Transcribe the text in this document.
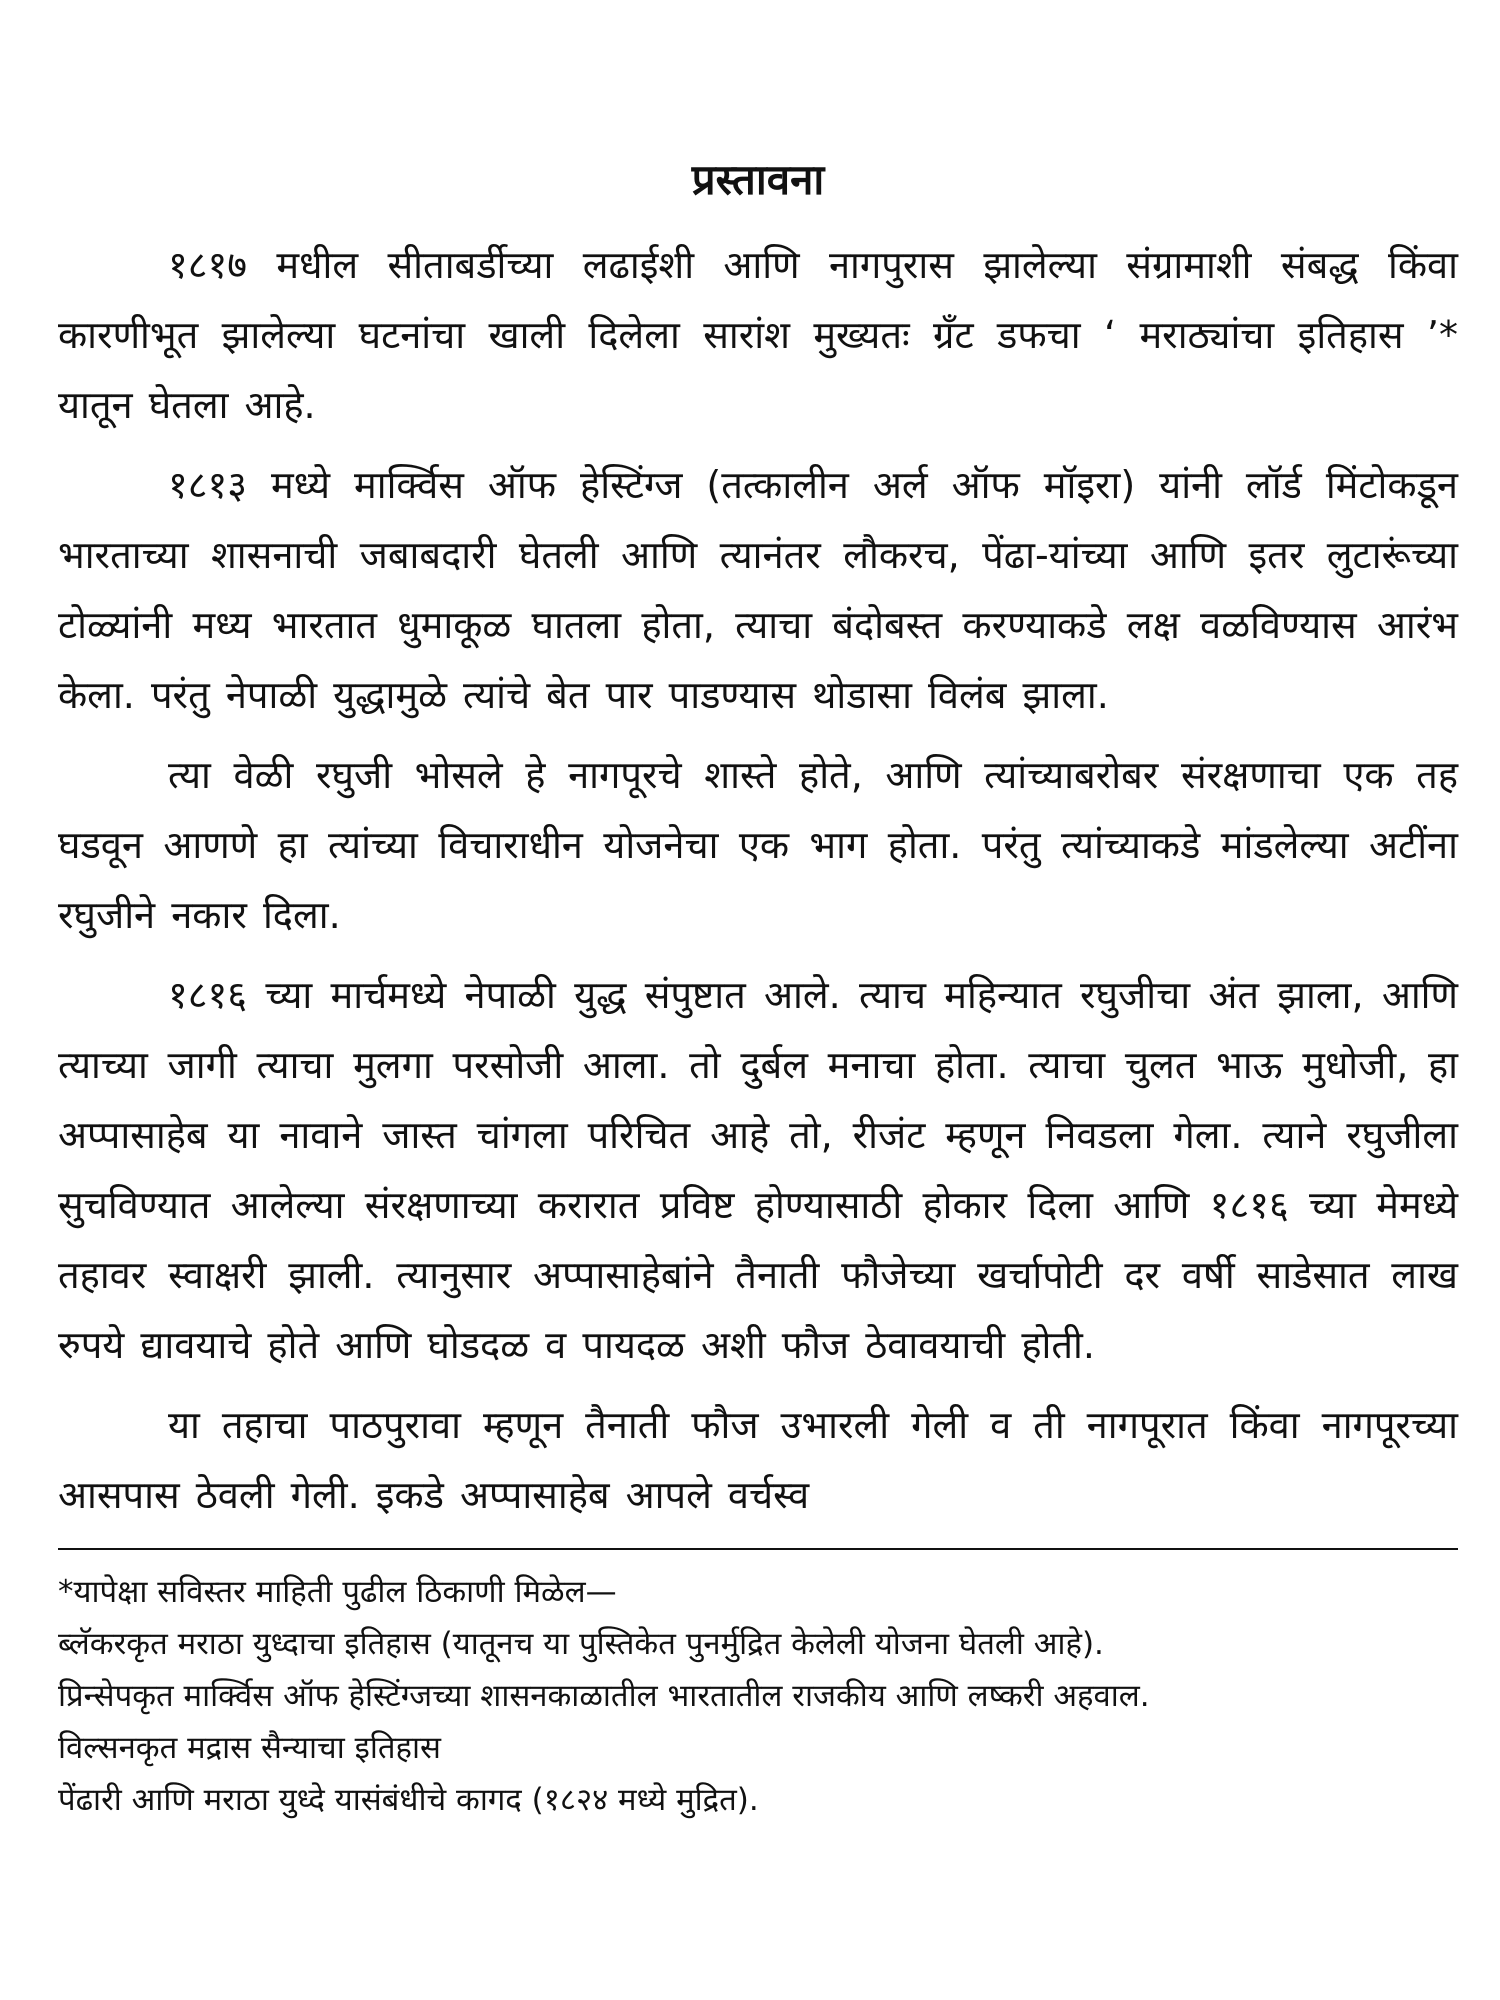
प्रस्तावना

१८१७ मधील सीताबर्डीच्या लढाईशी आणि नागपुरास झालेल्या संग्रामाशी संबद्ध किंवा कारणीभूत झालेल्या घटनांचा खाली दिलेला सारांश मुख्यतः ग्रँट डफचा ‘ मराठ्यांचा इतिहास ’* यातून घेतला आहे.

१८१३ मध्ये मार्क्विस ऑफ हेस्टिंग्ज (तत्कालीन अर्ल ऑफ मॉइरा) यांनी लॉर्ड मिंटोकडून भारताच्या शासनाची जबाबदारी घेतली आणि त्यानंतर लौकरच, पेंढा-यांच्या आणि इतर लुटारूंच्या टोळ्यांनी मध्य भारतात धुमाकूळ घातला होता, त्याचा बंदोबस्त करण्याकडे लक्ष वळविण्यास आरंभ केला. परंतु नेपाळी युद्धामुळे त्यांचे बेत पार पाडण्यास थोडासा विलंब झाला.

त्या वेळी रघुजी भोसले हे नागपूरचे शास्ते होते, आणि त्यांच्याबरोबर संरक्षणाचा एक तह घडवून आणणे हा त्यांच्या विचाराधीन योजनेचा एक भाग होता. परंतु त्यांच्याकडे मांडलेल्या अटींना रघुजीने नकार दिला.

१८१६ च्या मार्चमध्ये नेपाळी युद्ध संपुष्टात आले. त्याच महिन्यात रघुजीचा अंत झाला, आणि त्याच्या जागी त्याचा मुलगा परसोजी आला. तो दुर्बल मनाचा होता. त्याचा चुलत भाऊ मुधोजी, हा अप्पासाहेब या नावाने जास्त चांगला परिचित आहे तो, रीजंट म्हणून निवडला गेला. त्याने रघुजीला सुचविण्यात आलेल्या संरक्षणाच्या करारात प्रविष्ट होण्यासाठी होकार दिला आणि १८१६ च्या मेमध्ये तहावर स्वाक्षरी झाली. त्यानुसार अप्पासाहेबांने तैनाती फौजेच्या खर्चापोटी दर वर्षी साडेसात लाख रुपये द्यावयाचे होते आणि घोडदळ व पायदळ अशी फौज ठेवावयाची होती.

या तहाचा पाठपुरावा म्हणून तैनाती फौज उभारली गेली व ती नागपूरात किंवा नागपूरच्या आसपास ठेवली गेली. इकडे अप्पासाहेब आपले वर्चस्व

*यापेक्षा सविस्तर माहिती पुढील ठिकाणी मिळेल—

ब्लॅकरकृत मराठा युध्दाचा इतिहास (यातूनच या पुस्तिकेत पुनर्मुद्रित केलेली योजना घेतली आहे).

प्रिन्सेपकृत मार्क्विस ऑफ हेस्टिंग्जच्या शासनकाळातील भारतातील राजकीय आणि लष्करी अहवाल.

विल्सनकृत मद्रास सैन्याचा इतिहास

पेंढारी आणि मराठा युध्दे यासंबंधीचे कागद (१८२४ मध्ये मुद्रित).
